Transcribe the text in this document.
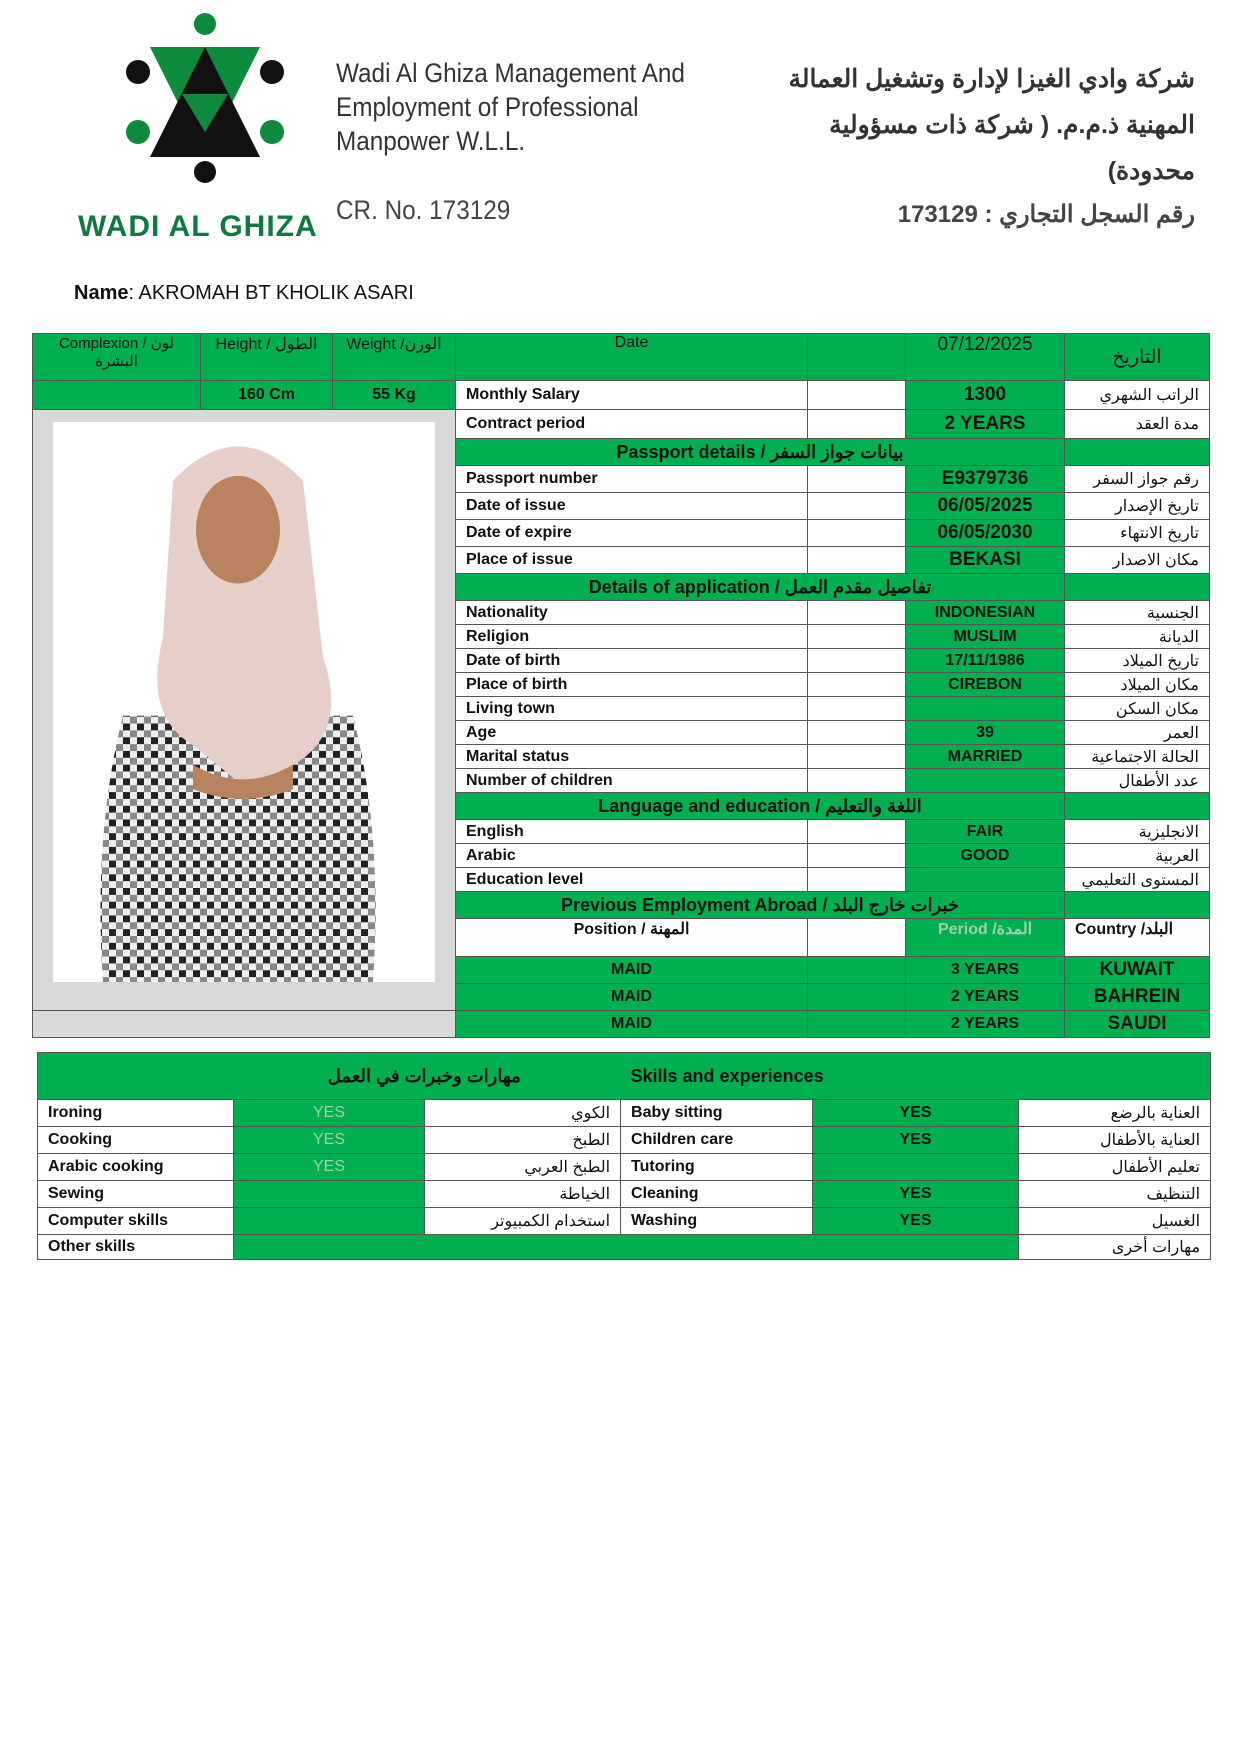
WADI AL GHIZA
Wadi Al Ghiza Management And
Employment of Professional
Manpower W.L.L.
CR. No. 173129
شركة وادي الغيزا لإدارة وتشغيل العمالة المهنية ذ.م.م. ( شركة ذات مسؤولية محدودة)
رقم السجل التجاري : 173129
Name: AKROMAH BT KHOLIK ASARI
Complexion / لون البشرة	Height / الطول	Weight /الوزن	Date		07/12/2025	التاريخ
	160 Cm	55 Kg	Monthly Salary		1300	الراتب الشهري

	Contract period		2 YEARS	مدة العقد
			Passport details / بيانات جواز السفر			
			Passport number		E9379736	رقم جواز السفر
			Date of issue		06/05/2025	تاريخ الإصدار
			Date of expire		06/05/2030	تاريخ الانتهاء
			Place of issue		BEKASI	مكان الاصدار
			Details of application / تفاصيل مقدم العمل			
			Nationality		INDONESIAN	الجنسية
			Religion		MUSLIM	الديانة
			Date of birth		17/11/1986	تاريخ الميلاد
			Place of birth		CIREBON	مكان الميلاد
			Living town			مكان السكن
			Age		39	العمر
			Marital status		MARRIED	الحالة الاجتماعية
			Number of children			عدد الأطفال
			Language and education / اللغة والتعليم			
			English		FAIR	الانجليزية
			Arabic		GOOD	العربية
			Education level			المستوى التعليمي
			Previous Employment Abroad / خبرات خارج البلد			
			Position / المهنة		Period /المدة	Country /البلد
			MAID		3 YEARS	KUWAIT
			MAID		2 YEARS	BAHREIN
			MAID		2 YEARS	SAUDI
مهارات وخبرات في العمل			Skills and experiences		
Ironing	YES	الكوي	Baby sitting	YES	العناية بالرضع
Cooking	YES	الطبخ	Children care	YES	العناية بالأطفال
Arabic cooking	YES	الطبخ العربي	Tutoring		تعليم الأطفال
Sewing		الخياطة	Cleaning	YES	التنظيف
Computer skills		استخدام الكمبيوتر	Washing	YES	الغسيل
Other skills					مهارات أخرى
